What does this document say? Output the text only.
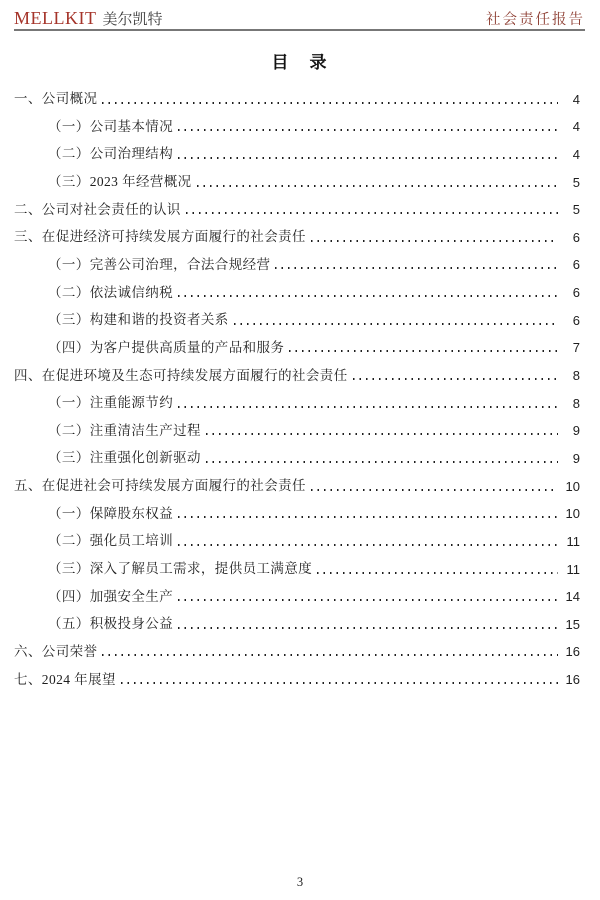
MELLKIT 美尔凯特	社会责任报告
目　录
一、公司概况	4
（一）公司基本情况	4
（二）公司治理结构	4
（三）2023 年经营概况	5
二、公司对社会责任的认识	5
三、在促进经济可持续发展方面履行的社会责任	6
（一）完善公司治理，合法合规经营	6
（二）依法诚信纳税	6
（三）构建和谐的投资者关系	6
（四）为客户提供高质量的产品和服务	7
四、在促进环境及生态可持续发展方面履行的社会责任	8
（一）注重能源节约	8
（二）注重清洁生产过程	9
（三）注重强化创新驱动	9
五、在促进社会可持续发展方面履行的社会责任	10
（一）保障股东权益	10
（二）强化员工培训	11
（三）深入了解员工需求，提供员工满意度	11
（四）加强安全生产	14
（五）积极投身公益	15
六、公司荣誉	16
七、2024 年展望	16
3
